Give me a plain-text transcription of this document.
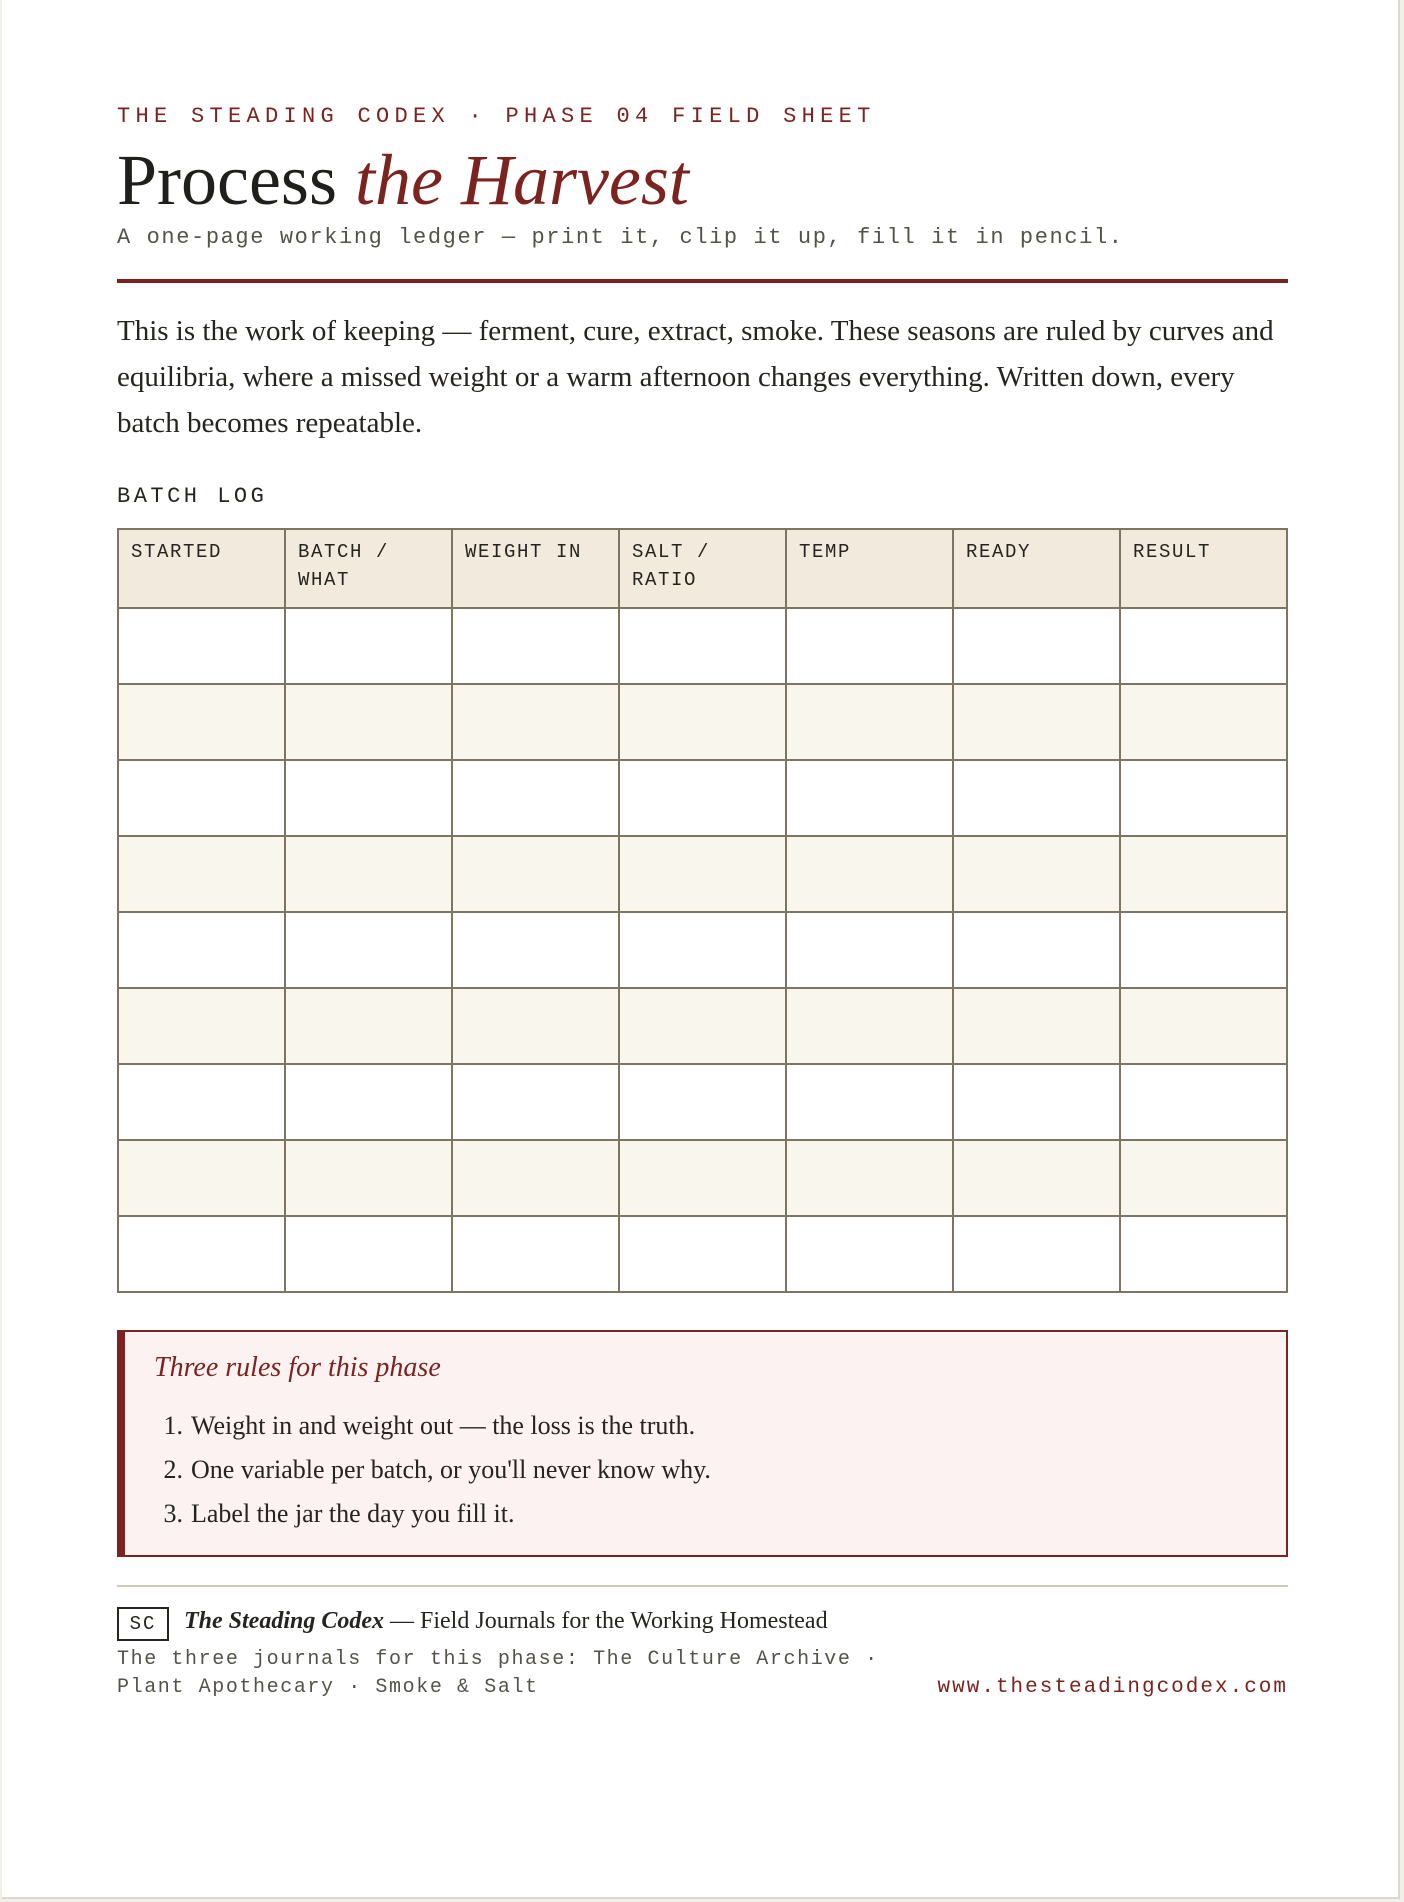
THE STEADING CODEX · PHASE 04 FIELD SHEET
Process the Harvest
A one-page working ledger — print it, clip it up, fill it in pencil.

This is the work of keeping — ferment, cure, extract, smoke. These seasons are ruled by curves and equilibria, where a missed weight or a warm afternoon changes everything. Written down, every batch becomes repeatable.

BATCH LOG
STARTED	BATCH / WHAT	WEIGHT IN	SALT / RATIO	TEMP	READY	RESULT

Three rules for this phase
1. Weight in and weight out — the loss is the truth.
2. One variable per batch, or you'll never know why.
3. Label the jar the day you fill it.
SC	The Steading Codex — Field Journals for the Working Homestead

The three journals for this phase: The Culture Archive · Plant Apothecary · Smoke & Salt	www.thesteadingcodex.com
